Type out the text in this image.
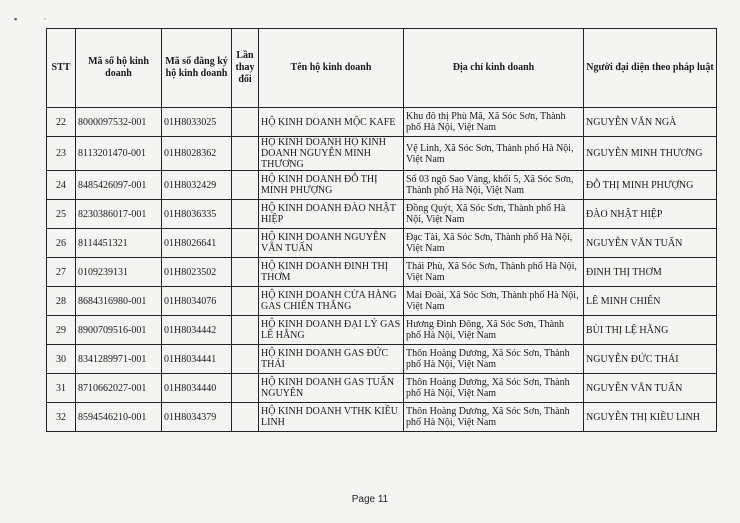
▪ ·
STT	Mã số hộ kinh doanh	Mã số đăng ký hộ kinh doanh	Lần thay đổi	Tên hộ kinh doanh	Địa chỉ kinh doanh	Người đại diện theo pháp luật
22	8000097532-001	01H8033025		HỘ KINH DOANH MỘC KAFE	Khu đô thị Phù Mã, Xã Sóc Sơn, Thành phố Hà Nội, Việt Nam	NGUYỄN VĂN NGÀ
23	8113201470-001	01H8028362		HỘ KINH DOANH HỘ KINH DOANH NGUYỄN MINH THƯƠNG	Vệ Linh, Xã Sóc Sơn, Thành phố Hà Nội, Việt Nam	NGUYỄN MINH THƯƠNG
24	8485426097-001	01H8032429		HỘ KINH DOANH ĐỖ THỊ MINH PHƯỢNG	Số 03 ngõ Sao Vàng, khối 5, Xã Sóc Sơn, Thành phố Hà Nội, Việt Nam	ĐỖ THỊ MINH PHƯỢNG
25	8230386017-001	01H8036335		HỘ KINH DOANH ĐÀO NHẬT HIỆP	Đồng Quýt, Xã Sóc Sơn, Thành phố Hà Nội, Việt Nam	ĐÀO NHẬT HIỆP
26	8114451321	01H8026641		HỘ KINH DOANH NGUYỄN VĂN TUẤN	Đạc Tài, Xã Sóc Sơn, Thành phố Hà Nội, Việt Nam	NGUYỄN VĂN TUẤN
27	0109239131	01H8023502		HỘ KINH DOANH ĐINH THỊ THƠM	Thái Phù, Xã Sóc Sơn, Thành phố Hà Nội, Việt Nam	ĐINH THỊ THƠM
28	8684316980-001	01H8034076		HỘ KINH DOANH CỬA HÀNG GAS CHIẾN THẮNG	Mai Đoài, Xã Sóc Sơn, Thành phố Hà Nội, Việt Nam	LÊ MINH CHIẾN
29	8900709516-001	01H8034442		HỘ KINH DOANH ĐẠI LÝ GAS LÊ HẰNG	Hương Đình Đông, Xã Sóc Sơn, Thành phố Hà Nội, Việt Nam	BÙI THỊ LỆ HẰNG
30	8341289971-001	01H8034441		HỘ KINH DOANH GAS ĐỨC THÁI	Thôn Hoàng Dương, Xã Sóc Sơn, Thành phố Hà Nội, Việt Nam	NGUYỄN ĐỨC THÁI
31	8710662027-001	01H8034440		HỘ KINH DOANH GAS TUẤN NGUYÊN	Thôn Hoàng Dương, Xã Sóc Sơn, Thành phố Hà Nội, Việt Nam	NGUYỄN VĂN TUẤN
32	8594546210-001	01H8034379		HỘ KINH DOANH VTHK KIỀU LINH	Thôn Hoàng Dương, Xã Sóc Sơn, Thành phố Hà Nội, Việt Nam	NGUYỄN THỊ KIỀU LINH
Page 11
